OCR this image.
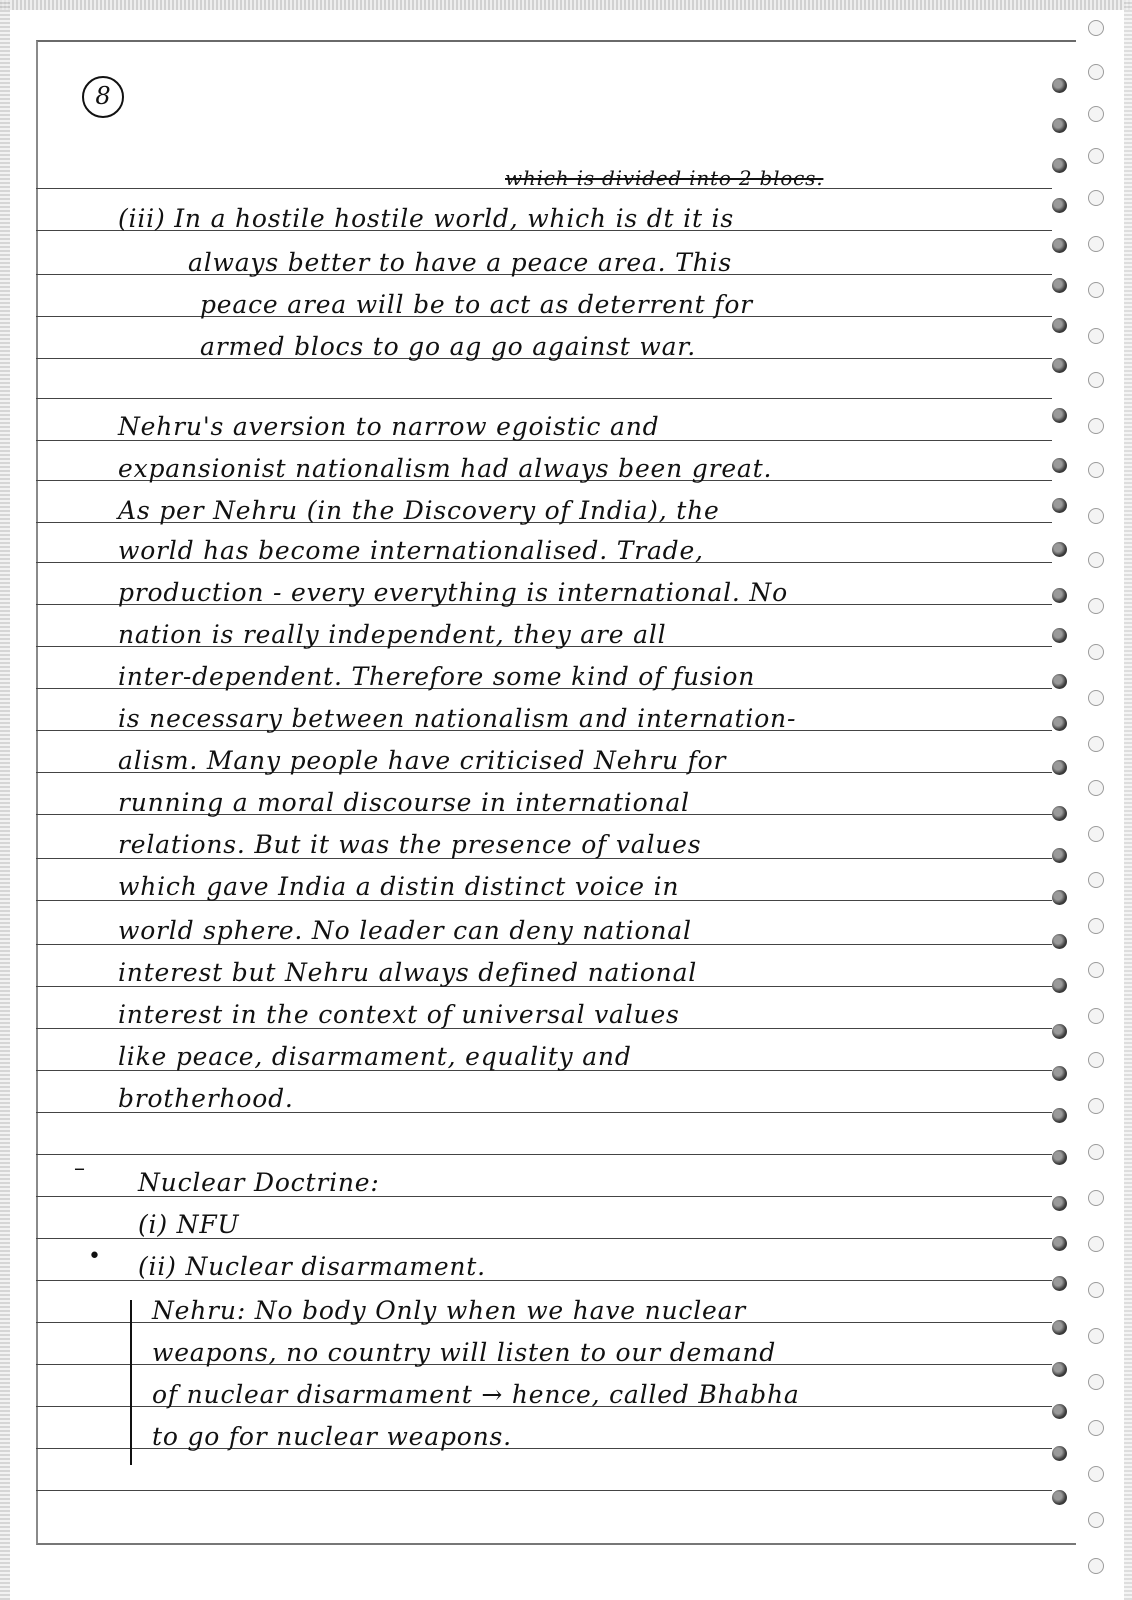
8
which is divided into 2 blocs.
(iii) In a hostile hostile world, which is dt it is
always better to have a peace area. This
peace area will be to act as deterrent for
armed blocs to go ag go against war.
Nehru's aversion to narrow egoistic and
expansionist nationalism had always been great.
As per Nehru (in the Discovery of India), the
world has become internationalised. Trade,
production - every everything is international. No
nation is really independent, they are all
inter-dependent. Therefore some kind of fusion
is necessary between nationalism and internation-
alism. Many people have criticised Nehru for
running a moral discourse in international
relations. But it was the presence of values
which gave India a distin distinct voice in
world sphere. No leader can deny national
interest but Nehru always defined national
interest in the context of universal values
like peace, disarmament, equality and
brotherhood.
– Nuclear Doctrine:
(i) NFU
• (ii) Nuclear disarmament.
Nehru: No body Only when we have nuclear
weapons, no country will listen to our demand
of nuclear disarmament → hence, called Bhabha
to go for nuclear weapons.
